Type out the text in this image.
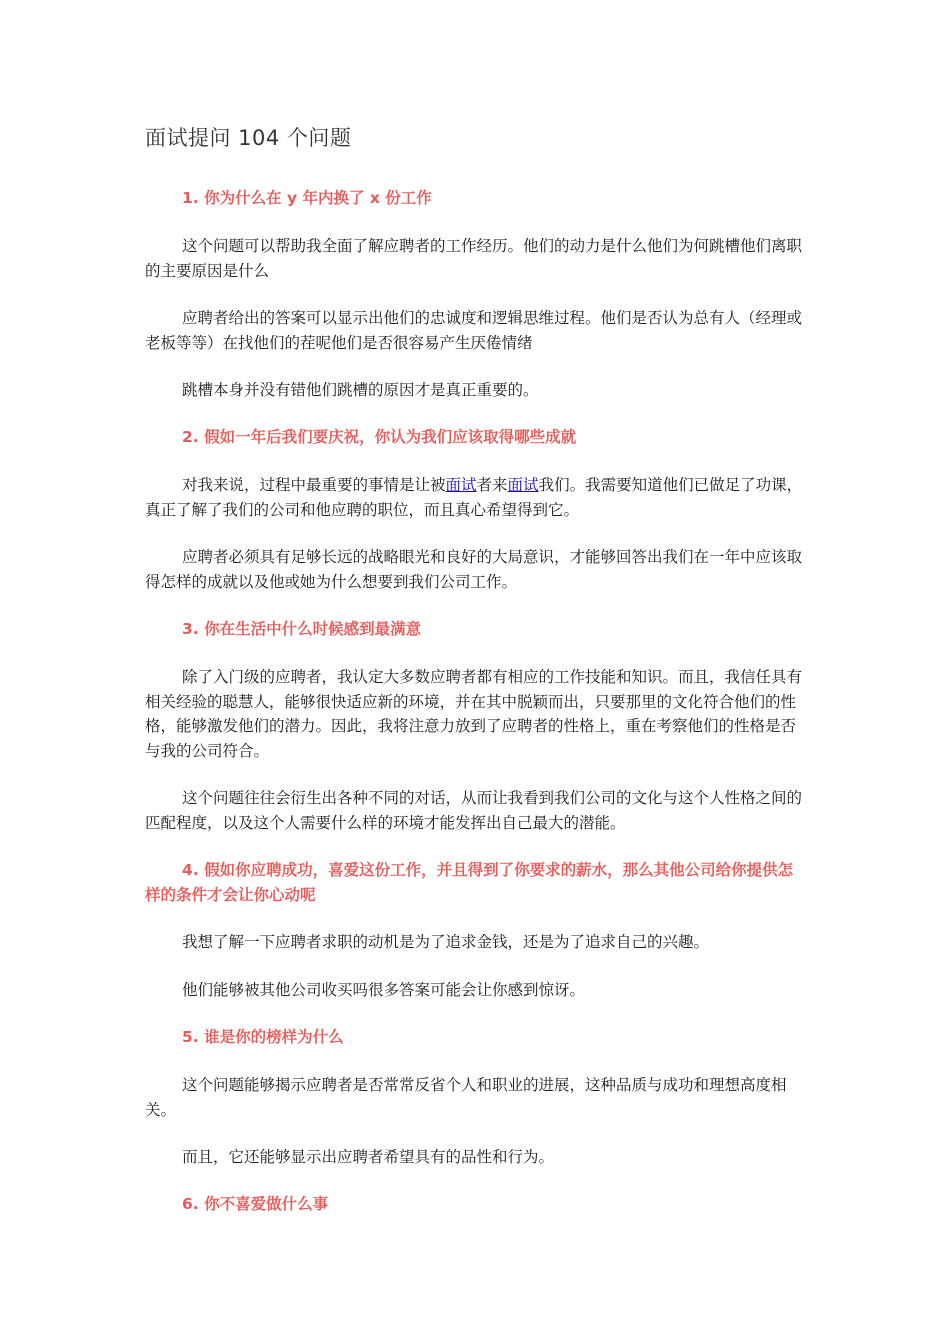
面试提问 104 个问题

1. 你为什么在 y 年内换了 x 份工作

这个问题可以帮助我全面了解应聘者的工作经历。他们的动力是什么他们为何跳槽他们离职的主要原因是什么

应聘者给出的答案可以显示出他们的忠诚度和逻辑思维过程。他们是否认为总有人（经理或老板等等）在找他们的茬呢他们是否很容易产生厌倦情绪

跳槽本身并没有错他们跳槽的原因才是真正重要的。

2. 假如一年后我们要庆祝，你认为我们应该取得哪些成就

对我来说，过程中最重要的事情是让被面试者来面试我们。我需要知道他们已做足了功课，真正了解了我们的公司和他应聘的职位，而且真心希望得到它。

应聘者必须具有足够长远的战略眼光和良好的大局意识，才能够回答出我们在一年中应该取得怎样的成就以及他或她为什么想要到我们公司工作。

3. 你在生活中什么时候感到最满意

除了入门级的应聘者，我认定大多数应聘者都有相应的工作技能和知识。而且，我信任具有相关经验的聪慧人，能够很快适应新的环境，并在其中脱颖而出，只要那里的文化符合他们的性格，能够激发他们的潜力。因此，我将注意力放到了应聘者的性格上，重在考察他们的性格是否与我的公司符合。

这个问题往往会衍生出各种不同的对话，从而让我看到我们公司的文化与这个人性格之间的匹配程度，以及这个人需要什么样的环境才能发挥出自己最大的潜能。

4. 假如你应聘成功，喜爱这份工作，并且得到了你要求的薪水，那么其他公司给你提供怎样的条件才会让你心动呢

我想了解一下应聘者求职的动机是为了追求金钱，还是为了追求自己的兴趣。

他们能够被其他公司收买吗很多答案可能会让你感到惊讶。

5. 谁是你的榜样为什么

这个问题能够揭示应聘者是否常常反省个人和职业的进展，这种品质与成功和理想高度相关。

而且，它还能够显示出应聘者希望具有的品性和行为。

6. 你不喜爱做什么事
